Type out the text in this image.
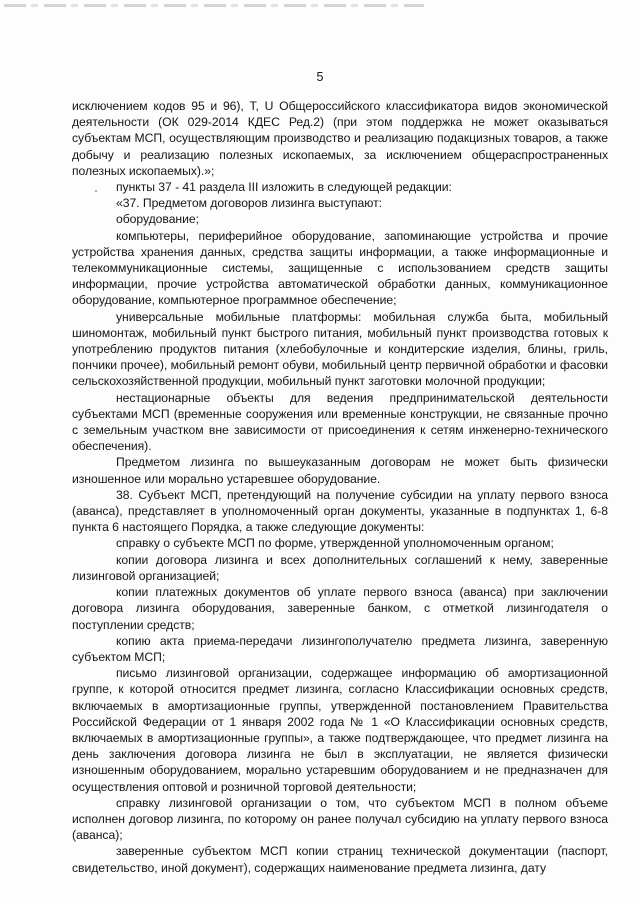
5

исключением кодов 95 и 96), Т, U Общероссийского классификатора видов экономической деятельности (ОК 029-2014 КДЕС Ред.2) (при этом поддержка не может оказываться субъектам МСП, осуществляющим производство и реализацию подакцизных товаров, а также добычу и реализацию полезных ископаемых, за исключением общераспространенных полезных ископаемых).»;

пункты 37 - 41 раздела III изложить в следующей редакции:

«37. Предметом договоров лизинга выступают:

оборудование;

компьютеры, периферийное оборудование, запоминающие устройства и прочие устройства хранения данных, средства защиты информации, а также информационные и телекоммуникационные системы, защищенные с использованием средств защиты информации, прочие устройства автоматической обработки данных, коммуникационное оборудование, компьютерное программное обеспечение;

универсальные мобильные платформы: мобильная служба быта, мобильный шиномонтаж, мобильный пункт быстрого питания, мобильный пункт производства готовых к употреблению продуктов питания (хлебобулочные и кондитерские изделия, блины, гриль, пончики прочее), мобильный ремонт обуви, мобильный центр первичной обработки и фасовки сельскохозяйственной продукции, мобильный пункт заготовки молочной продукции;

нестационарные объекты для ведения предпринимательской деятельности субъектами МСП (временные сооружения или временные конструкции, не связанные прочно с земельным участком вне зависимости от присоединения к сетям инженерно-технического обеспечения).

Предметом лизинга по вышеуказанным договорам не может быть физически изношенное или морально устаревшее оборудование.

38. Субъект МСП, претендующий на получение субсидии на уплату первого взноса (аванса), представляет в уполномоченный орган документы, указанные в подпунктах 1, 6-8 пункта 6 настоящего Порядка, а также следующие документы:

справку о субъекте МСП по форме, утвержденной уполномоченным органом;

копии договора лизинга и всех дополнительных соглашений к нему, заверенные лизинговой организацией;

копии платежных документов об уплате первого взноса (аванса) при заключении договора лизинга оборудования, заверенные банком, с отметкой лизингодателя о поступлении средств;

копию акта приема-передачи лизингополучателю предмета лизинга, заверенную субъектом МСП;

письмо лизинговой организации, содержащее информацию об амортизационной группе, к которой относится предмет лизинга, согласно Классификации основных средств, включаемых в амортизационные группы, утвержденной постановлением Правительства Российской Федерации от 1 января 2002 года № 1 «О Классификации основных средств, включаемых в амортизационные группы», а также подтверждающее, что предмет лизинга на день заключения договора лизинга не был в эксплуатации, не является физически изношенным оборудованием, морально устаревшим оборудованием и не предназначен для осуществления оптовой и розничной торговой деятельности;

справку лизинговой организации о том, что субъектом МСП в полном объеме исполнен договор лизинга, по которому он ранее получал субсидию на уплату первого взноса (аванса);

заверенные субъектом МСП копии страниц технической документации (паспорт, свидетельство, иной документ), содержащих наименование предмета лизинга, дату
